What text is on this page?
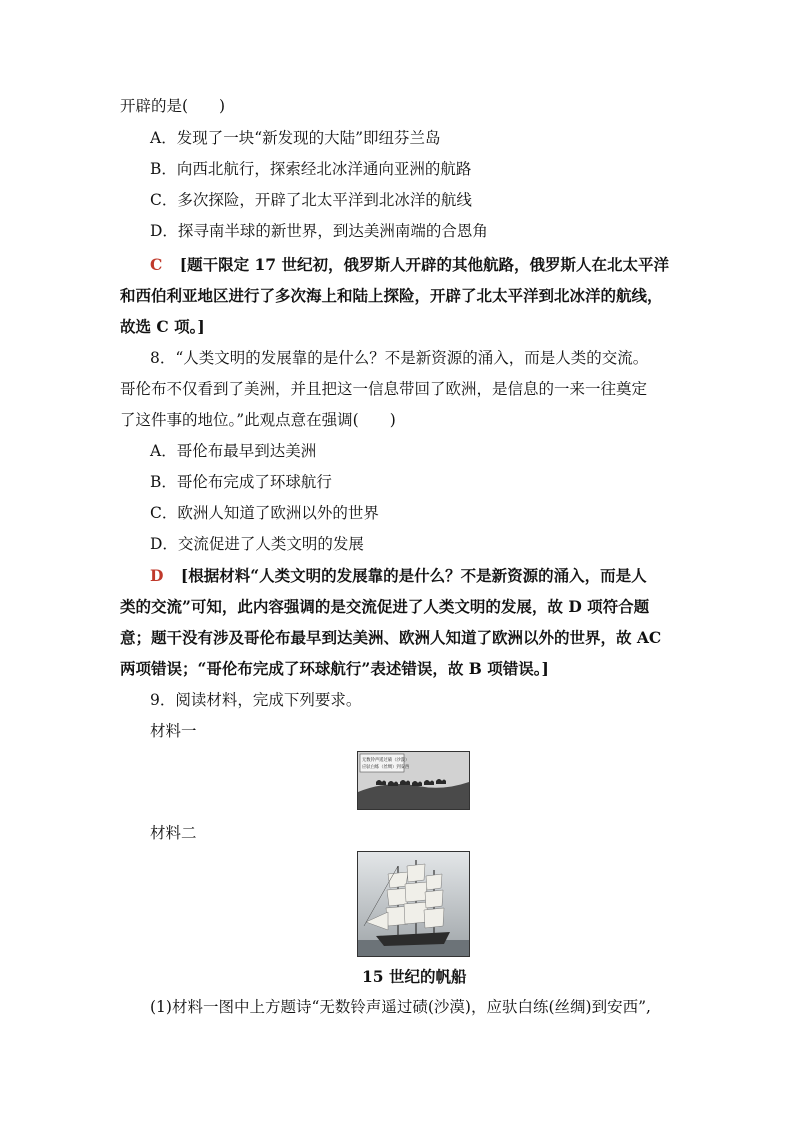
开辟的是(　　)
A．发现了一块“新发现的大陆”即纽芬兰岛
B．向西北航行，探索经北冰洋通向亚洲的航路
C．多次探险，开辟了北太平洋到北冰洋的航线
D．探寻南半球的新世界，到达美洲南端的合恩角
C [题干限定 17 世纪初，俄罗斯人开辟的其他航路，俄罗斯人在北太平洋
和西伯利亚地区进行了多次海上和陆上探险，开辟了北太平洋到北冰洋的航线，
故选 C 项。]
8．“人类文明的发展靠的是什么？不是新资源的涌入，而是人类的交流。
哥伦布不仅看到了美洲，并且把这一信息带回了欧洲，是信息的一来一往奠定
了这件事的地位。”此观点意在强调(　　)
A．哥伦布最早到达美洲
B．哥伦布完成了环球航行
C．欧洲人知道了欧洲以外的世界
D．交流促进了人类文明的发展
D [根据材料“人类文明的发展靠的是什么？不是新资源的涌入，而是人
类的交流”可知，此内容强调的是交流促进了人类文明的发展，故 D 项符合题
意；题干没有涉及哥伦布最早到达美洲、欧洲人知道了欧洲以外的世界，故 AC
两项错误；“哥伦布完成了环球航行”表述错误，故 B 项错误。]
9．阅读材料，完成下列要求。
材料一
无数铃声遥过碛（沙漠）
应驮白练（丝绸）到安西
材料二
15 世纪的帆船
(1)材料一图中上方题诗“无数铃声遥过碛(沙漠)，应驮白练(丝绸)到安西”,
